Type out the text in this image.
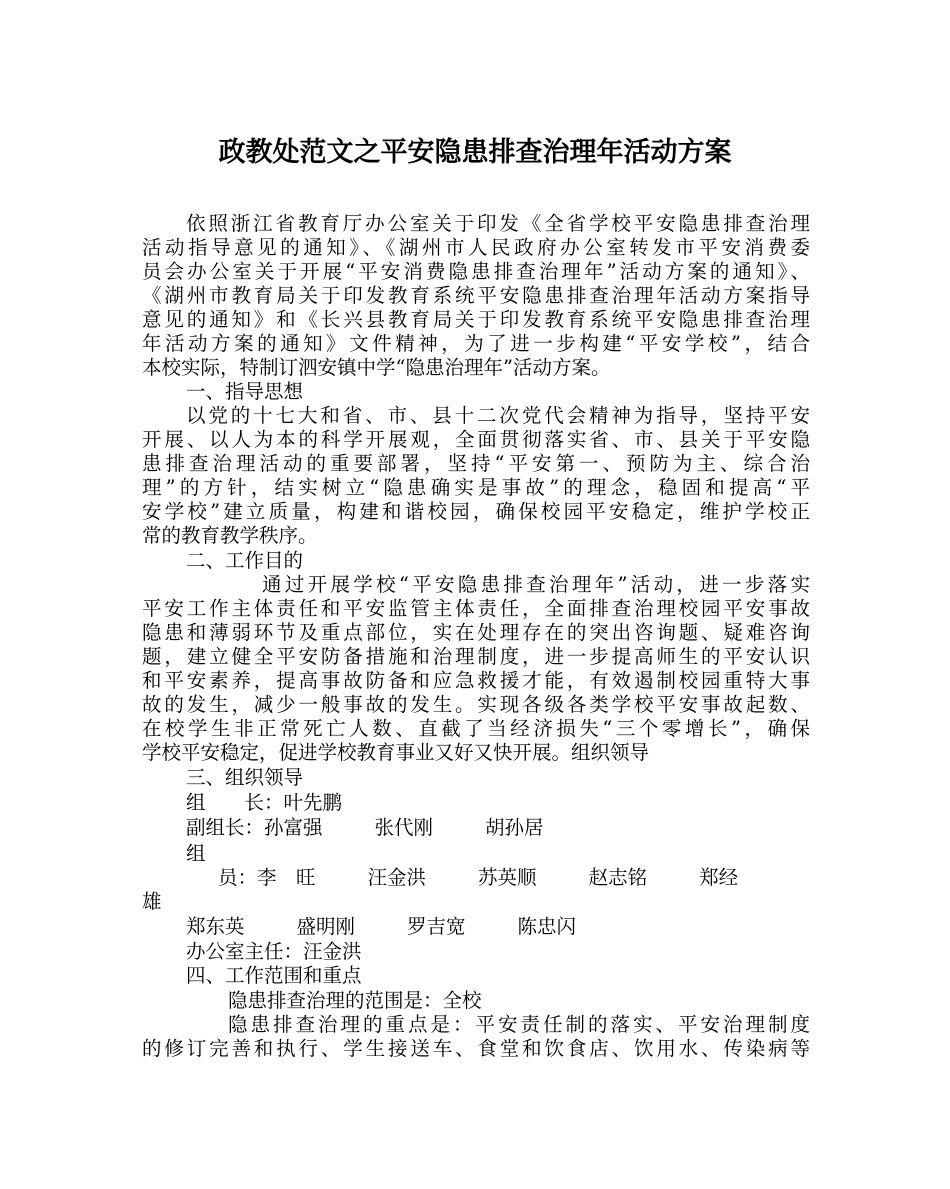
政教处范文之平安隐患排查治理年活动方案
依照浙江省教育厅办公室关于印发《全省学校平安隐患排查治理
活动指导意见的通知》、《湖州市人民政府办公室转发市平安消费委
员会办公室关于开展“平安消费隐患排查治理年”活动方案的通知》、
《湖州市教育局关于印发教育系统平安隐患排查治理年活动方案指导
意见的通知》和《长兴县教育局关于印发教育系统平安隐患排查治理
年活动方案的通知》文件精神，为了进一步构建“平安学校”，结合
本校实际，特制订泗安镇中学“隐患治理年”活动方案。
一、指导思想
以党的十七大和省、市、县十二次党代会精神为指导，坚持平安
开展、以人为本的科学开展观，全面贯彻落实省、市、县关于平安隐
患排查治理活动的重要部署，坚持“平安第一、预防为主、综合治
理”的方针，结实树立“隐患确实是事故”的理念，稳固和提高“平
安学校”建立质量，构建和谐校园，确保校园平安稳定，维护学校正
常的教育教学秩序。
二、工作目的
通过开展学校“平安隐患排查治理年”活动，进一步落实
平安工作主体责任和平安监管主体责任，全面排查治理校园平安事故
隐患和薄弱环节及重点部位，实在处理存在的突出咨询题、疑难咨询
题，建立健全平安防备措施和治理制度，进一步提高师生的平安认识
和平安素养，提高事故防备和应急救援才能，有效遏制校园重特大事
故的发生，减少一般事故的发生。实现各级各类学校平安事故起数、
在校学生非正常死亡人数、直截了当经济损失“三个零增长”，确保
学校平安稳定，促进学校教育事业又好又快开展。组织领导
三、组织领导
组　　长：叶先鹏
副组长：孙富强	张代刚	胡孙居
组
员：李　旺	汪金洪	苏英顺	赵志铭	郑经
雄
郑东英	盛明刚	罗吉宽	陈忠闪
办公室主任：汪金洪
四、工作范围和重点
隐患排查治理的范围是：全校
隐患排查治理的重点是：平安责任制的落实、平安治理制度
的修订完善和执行、学生接送车、食堂和饮食店、饮用水、传染病等
